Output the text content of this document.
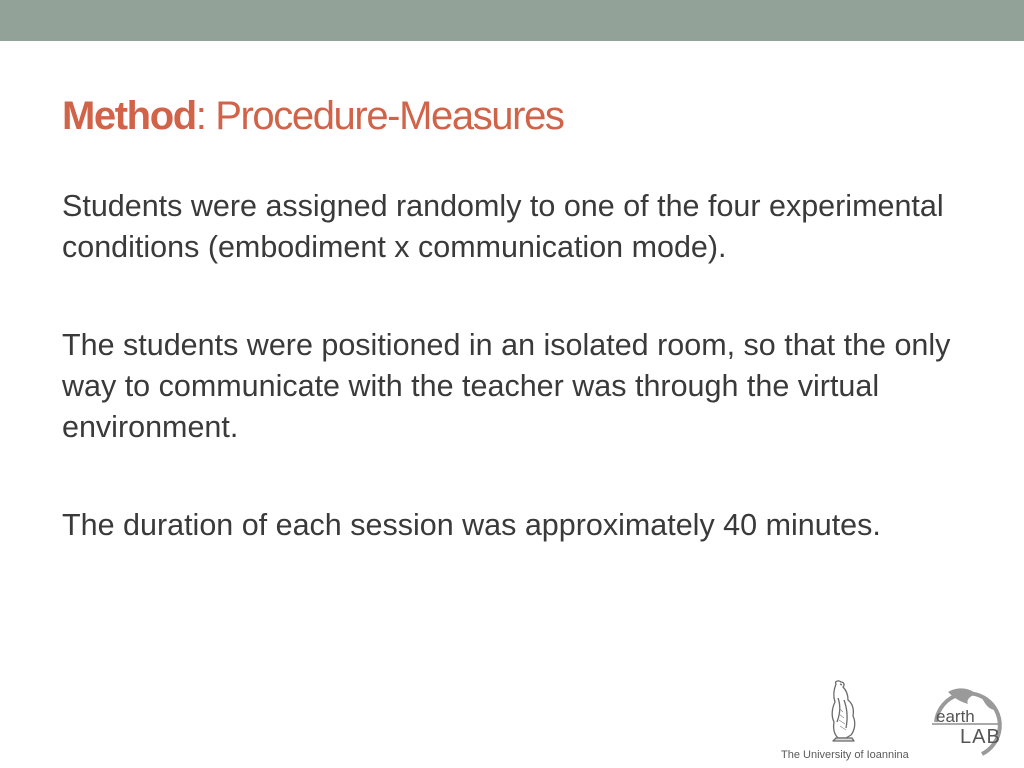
Method: Procedure-Measures

Students were assigned randomly to one of the four experimental conditions (embodiment x communication mode).

The students were positioned in an isolated room, so that the only way to communicate with the teacher was through the virtual environment.

The duration of each session was approximately 40 minutes.

earth
LAB
The University of Ioannina
